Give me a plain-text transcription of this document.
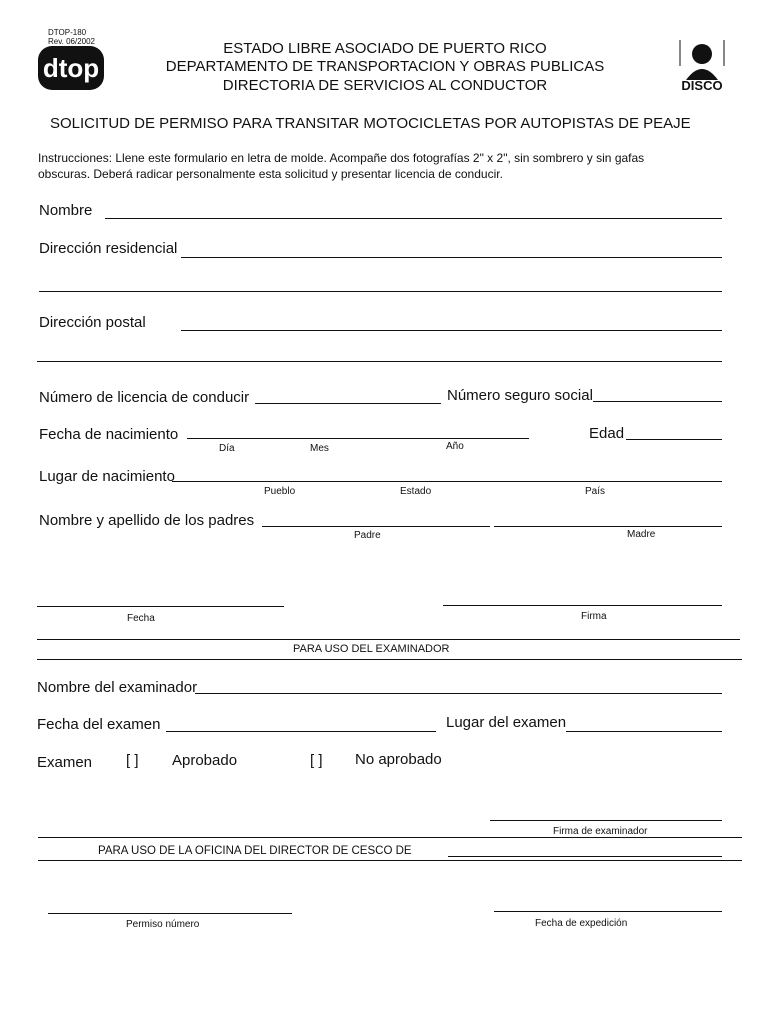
DTOP-180
Rev. 06/2002
dtop
ESTADO LIBRE ASOCIADO DE PUERTO RICO
DEPARTAMENTO DE TRANSPORTACION Y OBRAS PUBLICAS
DIRECTORIA DE SERVICIOS AL CONDUCTOR	DISCO
SOLICITUD DE PERMISO PARA TRANSITAR MOTOCICLETAS POR AUTOPISTAS DE PEAJE
Instrucciones: Llene este formulario en letra de molde. Acompañe dos fotografías 2" x 2", sin sombrero y sin gafas
obscuras. Deberá radicar personalmente esta solicitud y presentar licencia de conducir.
Nombre
Dirección residencial
Dirección postal
Número de licencia de conducir	Número seguro social
Fecha de nacimiento
Día	Mes	Año
Edad
Lugar de nacimiento
Pueblo	Estado	País
Nombre y apellido de los padres
Padre	Madre
Fecha	Firma
PARA USO DEL EXAMINADOR
Nombre del examinador
Fecha del examen	Lugar del examen
Examen [ ] Aprobado	[ ] No aprobado
Firma de examinador
PARA USO DE LA OFICINA DEL DIRECTOR DE CESCO DE
Permiso número	Fecha de expedición
